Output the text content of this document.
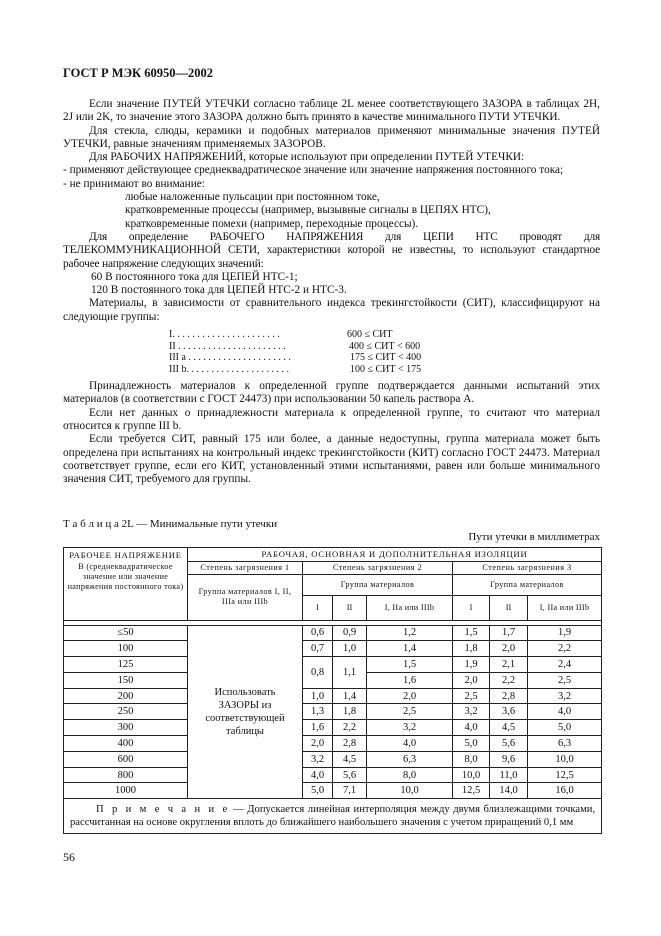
ГОСТ Р МЭК 60950—2002

Если значение ПУТЕЙ УТЕЧКИ согласно таблице 2L менее соответствующего ЗАЗОРА в таблицах 2H, 2J или 2K, то значение этого ЗАЗОРА должно быть принято в качестве минимального ПУТИ УТЕЧКИ.

Для стекла, слюды, керамики и подобных материалов применяют минимальные значения ПУТЕЙ УТЕЧКИ, равные значениям применяемых ЗАЗОРОВ.

Для РАБОЧИХ НАПРЯЖЕНИЙ, которые используют при определении ПУТЕЙ УТЕЧКИ:

- применяют действующее среднеквадратическое значение или значение напряжения постоянного тока;

- не принимают во внимание:

любые наложенные пульсации при постоянном токе,

кратковременные процессы (например, вызывные сигналы в ЦЕПЯХ НТС),

кратковременные помехи (например, переходные процессы).

Для определение РАБОЧЕГО НАПРЯЖЕНИЯ для ЦЕПИ НТС проводят для ТЕЛЕКОММУНИКАЦИОННОЙ СЕТИ, характеристики которой не известны, то используют стандартное рабочее напряжение следующих значений:

60 В постоянного тока для ЦЕПЕЙ НТС-1;

120 В постоянного тока для ЦЕПЕЙ НТС-2 и НТС-3.

Материалы, в зависимости от сравнительного индекса трекингстойкости (СИТ), классифицируют на следующие группы:

I. . . . . . . . . . . . . . . . . . . . . .	600 ≤ СИТ
II . . . . . . . . . . . . . . . . . . . . . .	400 ≤ СИТ < 600
III a . . . . . . . . . . . . . . . . . . . . .	175 ≤ СИТ < 400
III b. . . . . . . . . . . . . . . . . . . . .	100 ≤ СИТ < 175

Принадлежность материалов к определенной группе подтверждается данными испытаний этих материалов (в соответствии с ГОСТ 24473) при использовании 50 капель раствора А.

Если нет данных о принадлежности материала к определенной группе, то считают что материал относится к группе III b.

Если требуется СИТ, равный 175 или более, а данные недоступны, группа материала может быть определена при испытаниях на контрольный индекс трекингстойкости (КИТ) согласно ГОСТ 24473. Материал соответствует группе, если его КИТ, установленный этими испытаниями, равен или больше минимального значения СИТ, требуемого для группы.

Т а б л и ц а 2L — Минимальные пути утечки
Пути утечки в миллиметрах
РАБОЧЕЕ НАПРЯЖЕНИЕ	РАБОЧАЯ, ОСНОВНАЯ И ДОПОЛНИТЕЛЬНАЯ ИЗОЛЯЦИИ						
В (среднеквадратическое значение или значение напряжения постоянного тока)	Степень загрязнения 1	Степень загрязнения 2			Степень загрязнения 3		
	Группа материалов I, II, IIIa или IIIb	Группа материалов			Группа материалов		
		I	II	I, IIa или IIIb	I	II	I, IIa или IIIb

≤50	Использовать ЗАЗОРЫ из соответствующей таблицы	0,6	0,9	1,2	1,5	1,7	1,9
100		0,7	1,0	1,4	1,8	2,0	2,2
125		0,8	1,1	1,5	1,9	2,1	2,4
150				1,6	2,0	2,2	2,5
200		1,0	1,4	2,0	2,5	2,8	3,2
250		1,3	1,8	2,5	3,2	3,6	4,0
300		1,6	2,2	3,2	4,0	4,5	5,0
400		2,0	2,8	4,0	5,0	5,6	6,3
600		3,2	4,5	6,3	8,0	9,6	10,0
800		4,0	5,6	8,0	10,0	11,0	12,5
1000		5,0	7,1	10,0	12,5	14,0	16,0
П р и м е ч а н и е — Допускается линейная интерполяция между двумя близлежащими точками, рассчитанная на основе округления вплоть до ближайшего наибольшего значения с учетом приращений 0,1 мм							
56
